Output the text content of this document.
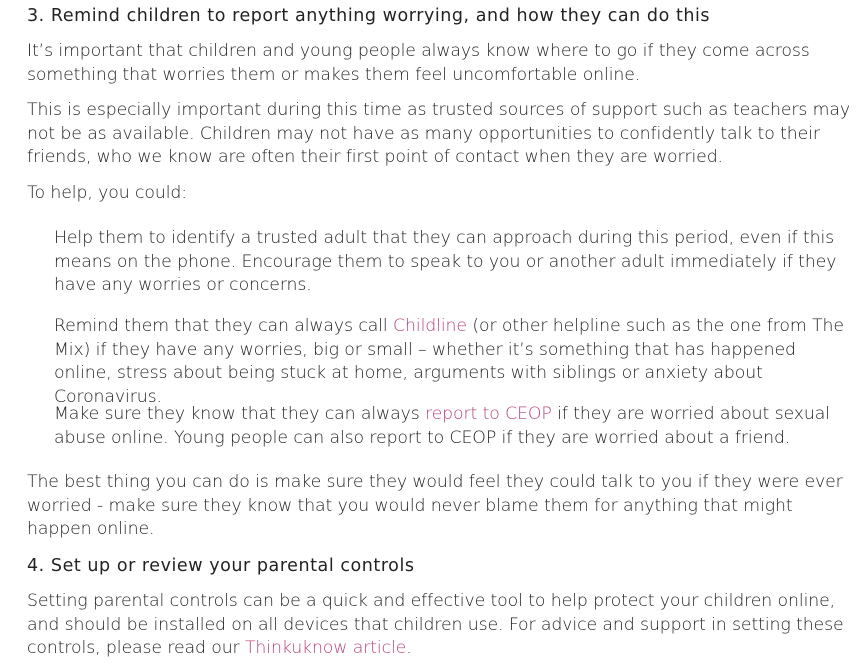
3. Remind children to report anything worrying, and how they can do this

It’s important that children and young people always know where to go if they come across something that worries them or makes them feel uncomfortable online.

This is especially important during this time as trusted sources of support such as teachers may not be as available. Children may not have as many opportunities to confidently talk to their friends, who we know are often their first point of contact when they are worried.

To help, you could:

Help them to identify a trusted adult that they can approach during this period, even if this means on the phone. Encourage them to speak to you or another adult immediately if they have any worries or concerns.

Remind them that they can always call Childline (or other helpline such as the one from The Mix) if they have any worries, big or small – whether it’s something that has happened online, stress about being stuck at home, arguments with siblings or anxiety about Coronavirus.

Make sure they know that they can always report to CEOP if they are worried about sexual abuse online. Young people can also report to CEOP if they are worried about a friend.

The best thing you can do is make sure they would feel they could talk to you if they were ever worried - make sure they know that you would never blame them for anything that might happen online.

4. Set up or review your parental controls

Setting parental controls can be a quick and effective tool to help protect your children online, and should be installed on all devices that children use. For advice and support in setting these controls, please read our Thinkuknow article.
